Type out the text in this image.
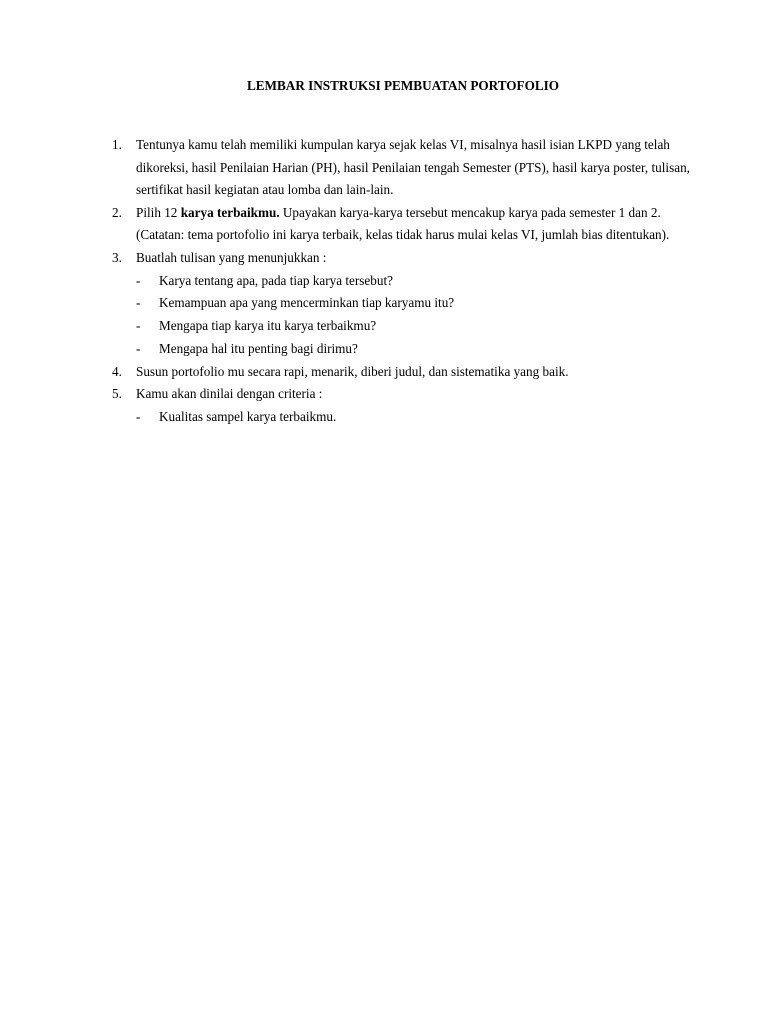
LEMBAR INSTRUKSI PEMBUATAN PORTOFOLIO

1. Tentunya kamu telah memiliki kumpulan karya sejak kelas VI, misalnya hasil isian LKPD yang telah dikoreksi, hasil Penilaian Harian (PH), hasil Penilaian tengah Semester (PTS), hasil karya poster, tulisan, sertifikat hasil kegiatan atau lomba dan lain-lain.
2. Pilih 12 karya terbaikmu. Upayakan karya-karya tersebut mencakup karya pada semester 1 dan 2. (Catatan: tema portofolio ini karya terbaik, kelas tidak harus mulai kelas VI, jumlah bias ditentukan).
3. Buatlah tulisan yang menunjukkan :
- Karya tentang apa, pada tiap karya tersebut?
- Kemampuan apa yang mencerminkan tiap karyamu itu?
- Mengapa tiap karya itu karya terbaikmu?
- Mengapa hal itu penting bagi dirimu?
4. Susun portofolio mu secara rapi, menarik, diberi judul, dan sistematika yang baik.
5. Kamu akan dinilai dengan criteria :
- Kualitas sampel karya terbaikmu.
